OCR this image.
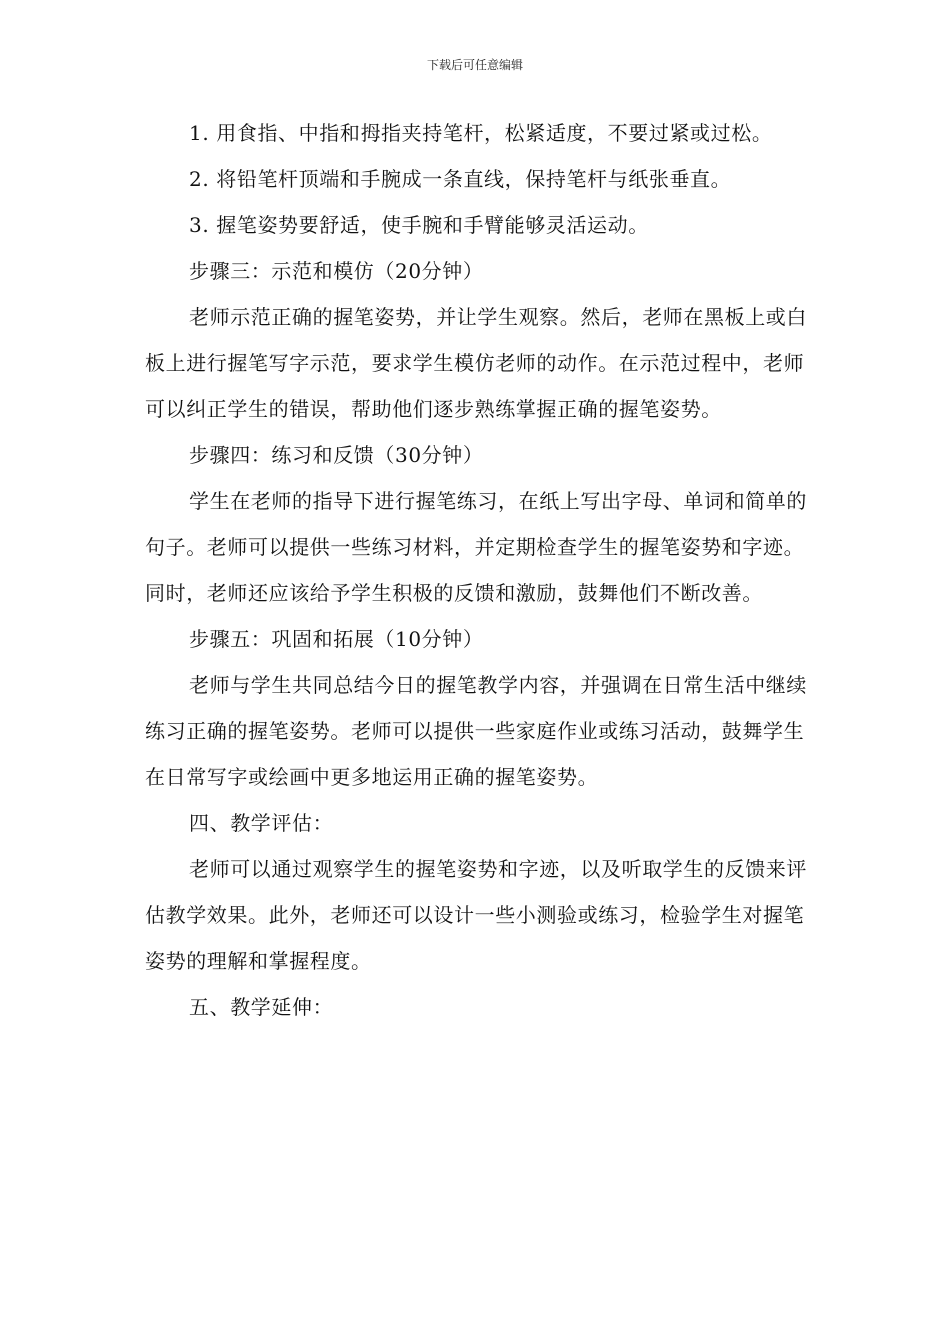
下载后可任意编辑

1. 用食指、中指和拇指夹持笔杆，松紧适度，不要过紧或过松。

2. 将铅笔杆顶端和手腕成一条直线，保持笔杆与纸张垂直。

3. 握笔姿势要舒适，使手腕和手臂能够灵活运动。

步骤三：示范和模仿（20分钟）

老师示范正确的握笔姿势，并让学生观察。然后，老师在黑板上或白板上进行握笔写字示范，要求学生模仿老师的动作。在示范过程中，老师可以纠正学生的错误，帮助他们逐步熟练掌握正确的握笔姿势。

步骤四：练习和反馈（30分钟）

学生在老师的指导下进行握笔练习，在纸上写出字母、单词和简单的句子。老师可以提供一些练习材料，并定期检查学生的握笔姿势和字迹。同时，老师还应该给予学生积极的反馈和激励，鼓舞他们不断改善。

步骤五：巩固和拓展（10分钟）

老师与学生共同总结今日的握笔教学内容，并强调在日常生活中继续练习正确的握笔姿势。老师可以提供一些家庭作业或练习活动，鼓舞学生在日常写字或绘画中更多地运用正确的握笔姿势。

四、教学评估：

老师可以通过观察学生的握笔姿势和字迹，以及听取学生的反馈来评估教学效果。此外，老师还可以设计一些小测验或练习，检验学生对握笔姿势的理解和掌握程度。

五、教学延伸：
